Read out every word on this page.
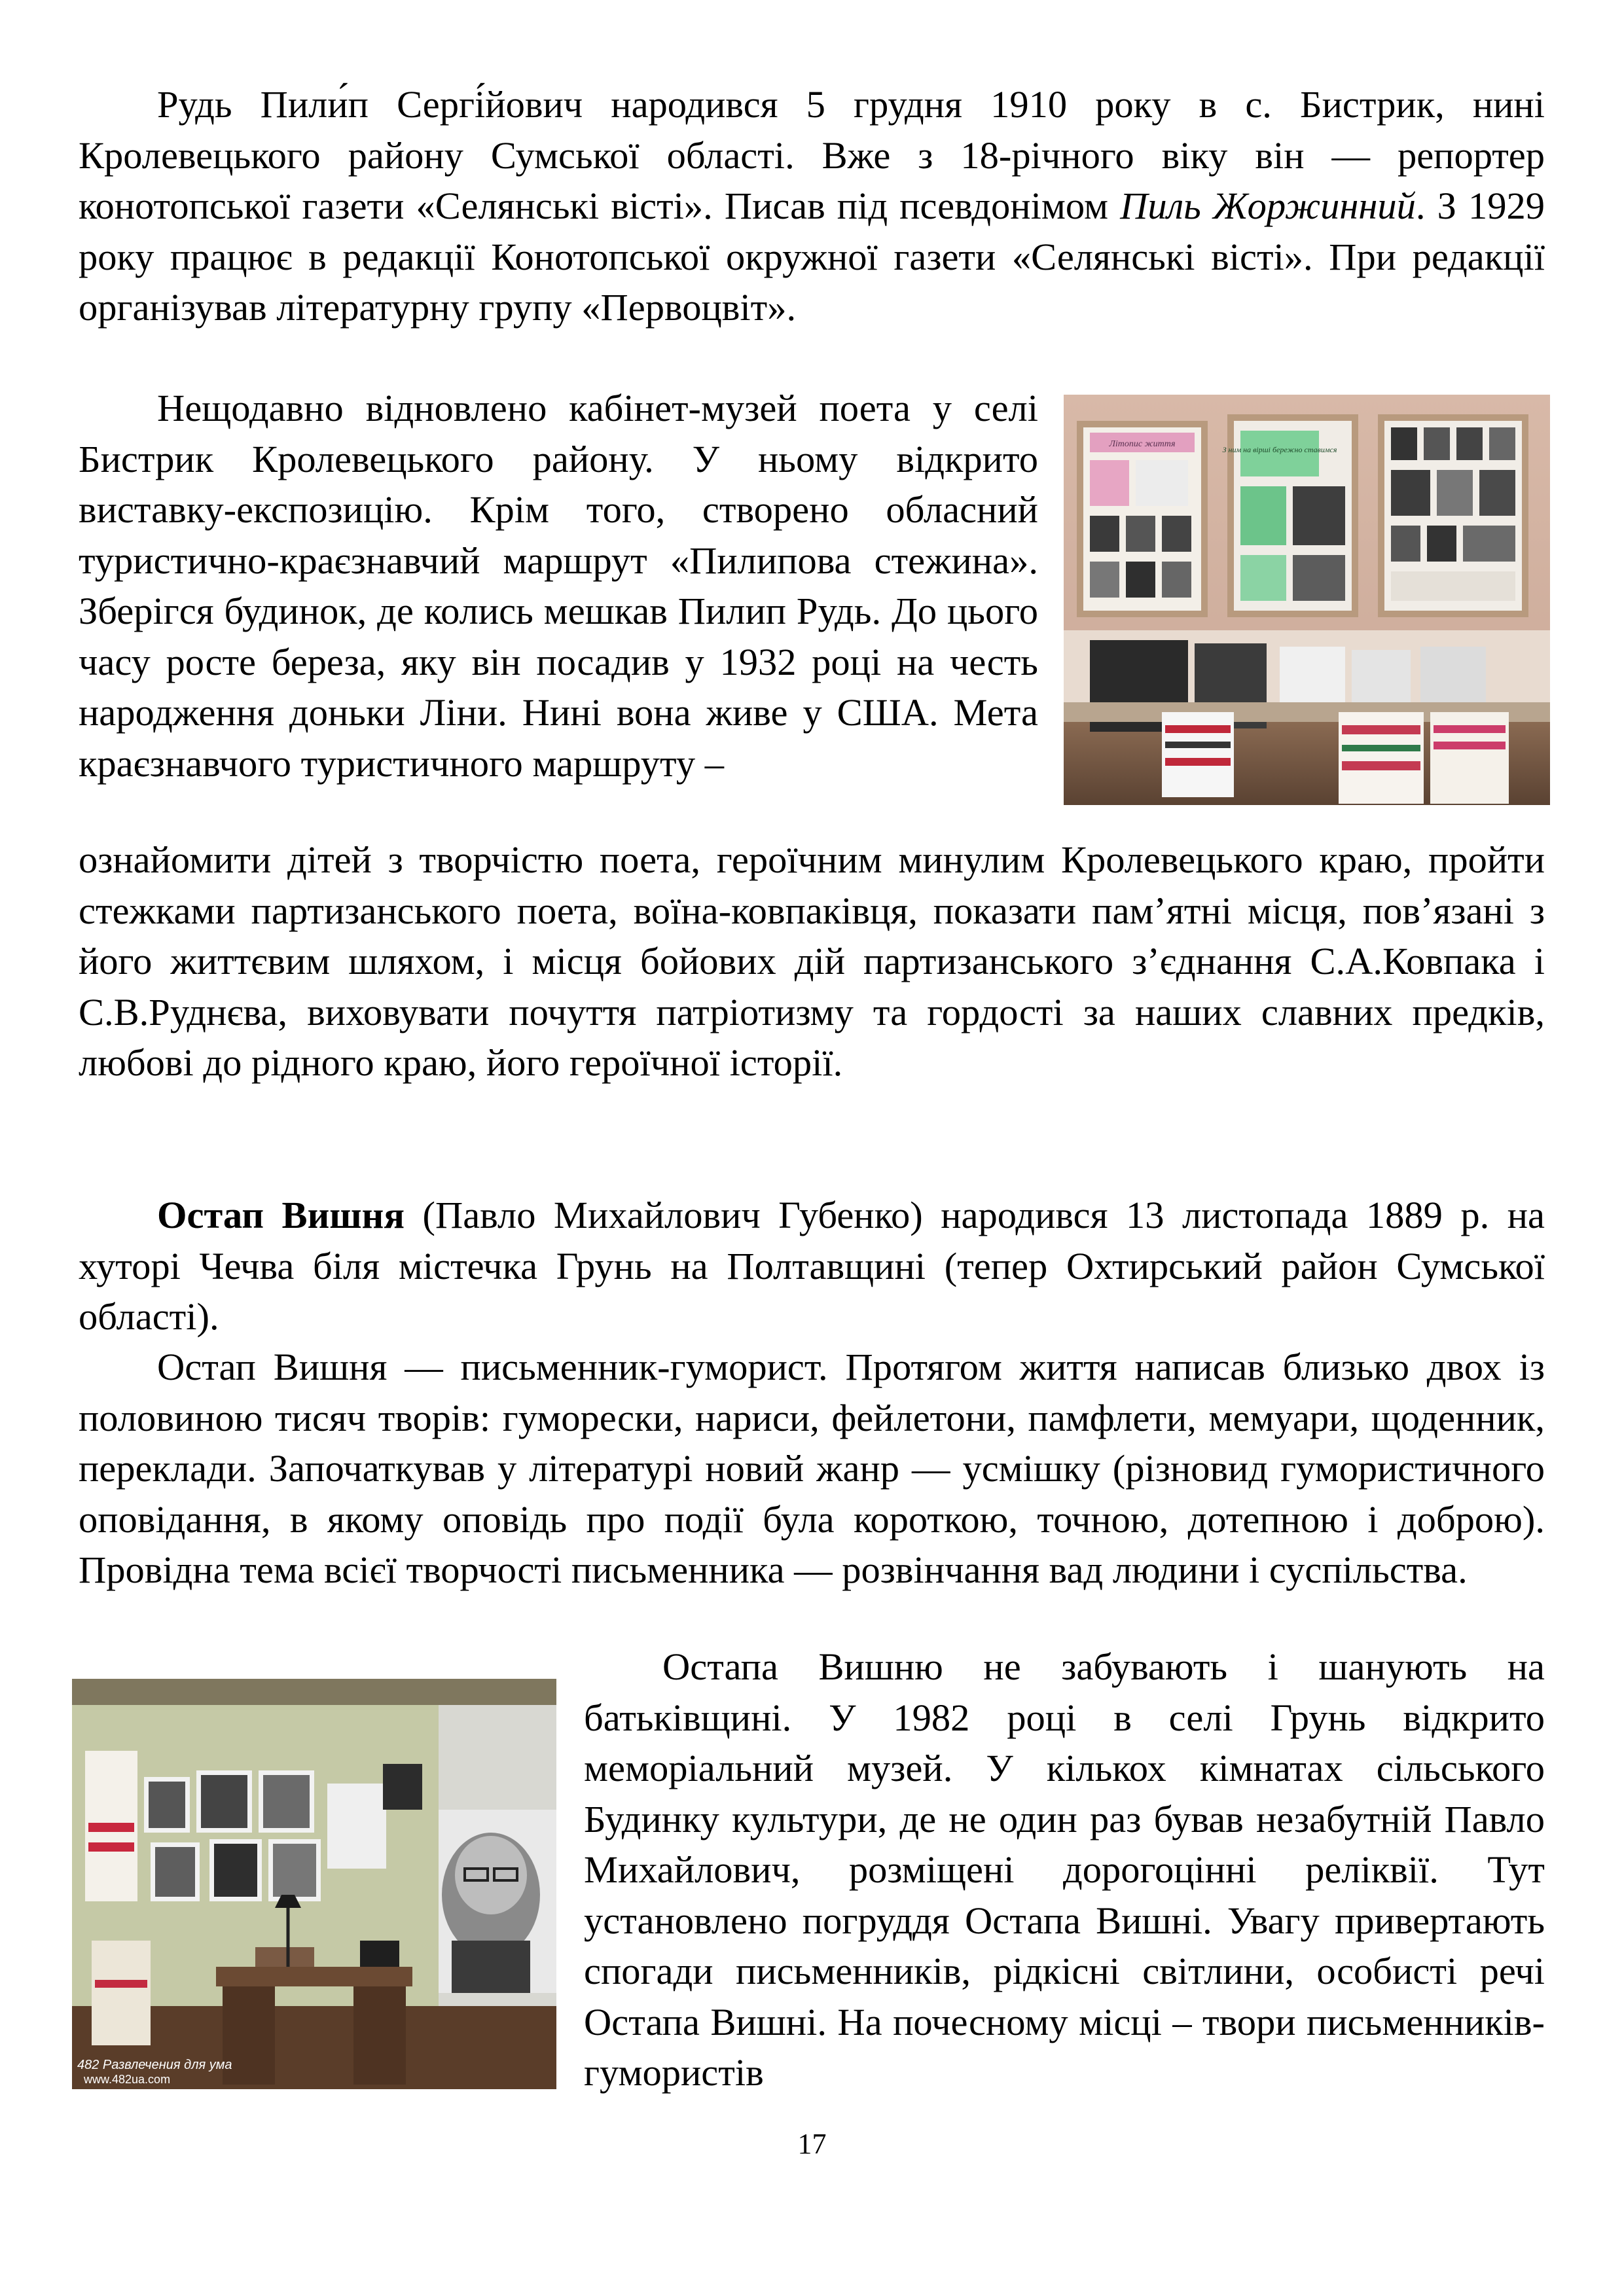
Рудь Пили́п Сергі́йович народився 5 грудня 1910 року в с. Бистрик, нині Кролевецького району Сумської області. Вже з 18-річного віку він — репортер конотопської газети «Селянські вісті». Писав під псевдонімом Пиль Жоржинний. З 1929 року працює в редакції Конотопської окружної газети «Селянські вісті». При редакції організував літературну групу «Первоцвіт».

Нещодавно відновлено кабінет-музей поета у селі Бистрик Кролевецького району. У ньому відкрито виставку-експозицію. Крім того, створено обласний туристично-краєзнавчий маршрут «Пилипова стежина». Зберігся будинок, де колись мешкав Пилип Рудь. До цього часу росте береза, яку він посадив у 1932 році на честь народження доньки Ліни. Нині вона живе у США. Мета краєзнавчого туристичного маршруту –

Літопис життя
З ним на вірші бережно ставимся

ознайомити дітей з творчістю поета, героїчним минулим Кролевецького краю, пройти стежками партизанського поета, воїна-ковпаківця, показати пам’ятні місця, пов’язані з його життєвим шляхом, і місця бойових дій партизанського з’єднання С.А.Ковпака і С.В.Руднєва, виховувати почуття патріотизму та гордості за наших славних предків, любові до рідного краю, його героїчної історії.

Остап Вишня (Павло Михайлович Губенко) народився 13 листопада 1889 р. на хуторі Чечва біля містечка Грунь на Полтавщині (тепер Охтирський район Сумської області).

Остап Вишня — письменник-гуморист. Протягом життя написав близько двох із половиною тисяч творів: гуморески, нариси, фейлетони, памфлети, мемуари, щоденник, переклади. Започаткував у літературі новий жанр — усмішку (різновид гумористичного оповідання, в якому оповідь про події була короткою, точною, дотепною і доброю). Провідна тема всієї творчості письменника — розвінчання вад людини і суспільства.

482 Развлечения для ума
www.482ua.com

Остапа Вишню не забувають і шанують на батьківщині. У 1982 році в селі Грунь відкрито меморіальний музей. У кількох кімнатах сільського Будинку культури, де не один раз бував незабутній Павло Михайлович, розміщені дорогоцінні реліквії. Тут установлено погруддя Остапа Вишні. Увагу привертають спогади письменників, рідкісні світлини, особисті речі Остапа Вишні. На почесному місці – твори письменників-гумористів

17
